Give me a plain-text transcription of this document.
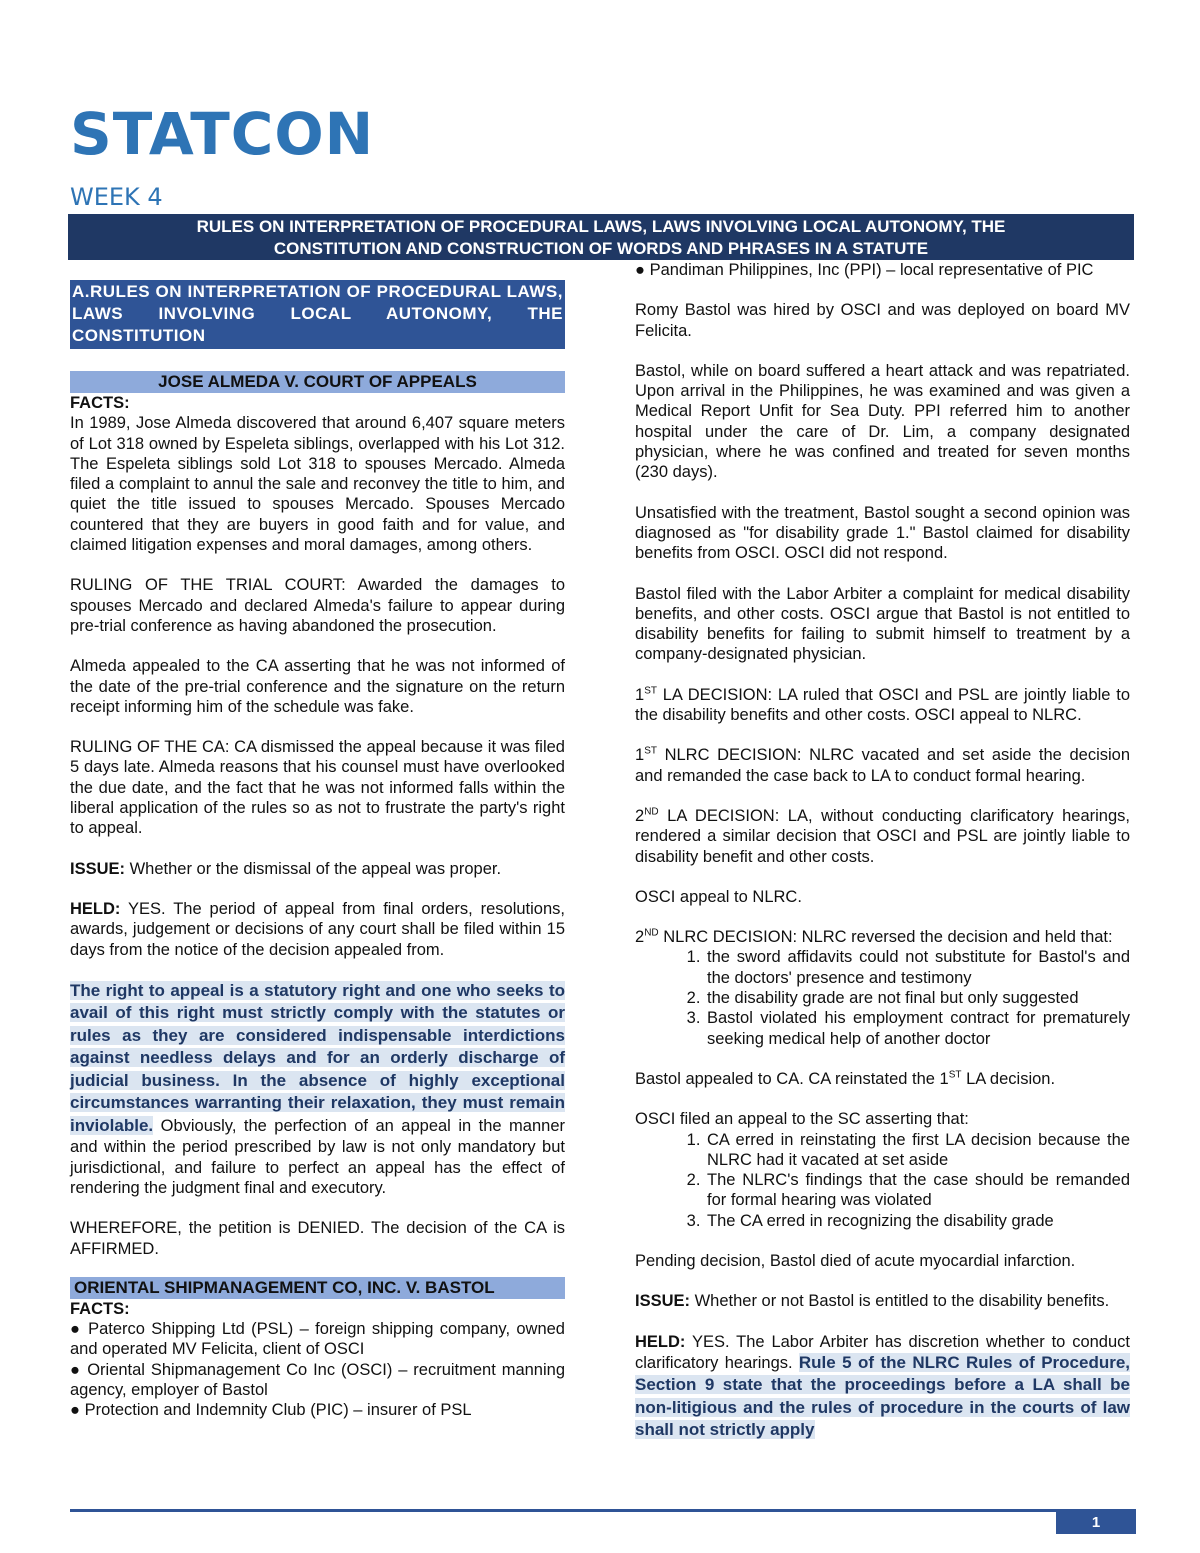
STATCON
WEEK 4
RULES ON INTERPRETATION OF PROCEDURAL LAWS, LAWS INVOLVING LOCAL AUTONOMY, THE
CONSTITUTION AND CONSTRUCTION OF WORDS AND PHRASES IN A STATUTE
A.RULES ON INTERPRETATION OF PROCEDURAL LAWS, LAWS INVOLVING LOCAL AUTONOMY, THE CONSTITUTION
JOSE ALMEDA V. COURT OF APPEALS
FACTS:

In 1989, Jose Almeda discovered that around 6,407 square meters of Lot 318 owned by Espeleta siblings, overlapped with his Lot 312. The Espeleta siblings sold Lot 318 to spouses Mercado. Almeda filed a complaint to annul the sale and reconvey the title to him, and quiet the title issued to spouses Mercado. Spouses Mercado countered that they are buyers in good faith and for value, and claimed litigation expenses and moral damages, among others.

RULING OF THE TRIAL COURT: Awarded the damages to spouses Mercado and declared Almeda's failure to appear during pre-trial conference as having abandoned the prosecution.

Almeda appealed to the CA asserting that he was not informed of the date of the pre-trial conference and the signature on the return receipt informing him of the schedule was fake.

RULING OF THE CA: CA dismissed the appeal because it was filed 5 days late. Almeda reasons that his counsel must have overlooked the due date, and the fact that he was not informed falls within the liberal application of the rules so as not to frustrate the party's right to appeal.

ISSUE: Whether or the dismissal of the appeal was proper.

HELD: YES. The period of appeal from final orders, resolutions, awards, judgement or decisions of any court shall be filed within 15 days from the notice of the decision appealed from.

The right to appeal is a statutory right and one who seeks to avail of this right must strictly comply with the statutes or rules as they are considered indispensable interdictions against needless delays and for an orderly discharge of judicial business. In the absence of highly exceptional circumstances warranting their relaxation, they must remain inviolable. Obviously, the perfection of an appeal in the manner and within the period prescribed by law is not only mandatory but jurisdictional, and failure to perfect an appeal has the effect of rendering the judgment final and executory.

WHEREFORE, the petition is DENIED. The decision of the CA is AFFIRMED.

ORIENTAL SHIPMANAGEMENT CO, INC. V. BASTOL
FACTS:

● Paterco Shipping Ltd (PSL) – foreign shipping company, owned and operated MV Felicita, client of OSCI

● Oriental Shipmanagement Co Inc (OSCI) – recruitment manning agency, employer of Bastol

● Protection and Indemnity Club (PIC) – insurer of PSL

● Pandiman Philippines, Inc (PPI) – local representative of PIC

Romy Bastol was hired by OSCI and was deployed on board MV Felicita.

Bastol, while on board suffered a heart attack and was repatriated. Upon arrival in the Philippines, he was examined and was given a Medical Report Unfit for Sea Duty. PPI referred him to another hospital under the care of Dr. Lim, a company designated physician, where he was confined and treated for seven months (230 days).

Unsatisfied with the treatment, Bastol sought a second opinion was diagnosed as "for disability grade 1." Bastol claimed for disability benefits from OSCI. OSCI did not respond.

Bastol filed with the Labor Arbiter a complaint for medical disability benefits, and other costs. OSCI argue that Bastol is not entitled to disability benefits for failing to submit himself to treatment by a company-designated physician.

1ST LA DECISION: LA ruled that OSCI and PSL are jointly liable to the disability benefits and other costs. OSCI appeal to NLRC.

1ST NLRC DECISION: NLRC vacated and set aside the decision and remanded the case back to LA to conduct formal hearing.

2ND LA DECISION: LA, without conducting clarificatory hearings, rendered a similar decision that OSCI and PSL are jointly liable to disability benefit and other costs.

OSCI appeal to NLRC.

2ND NLRC DECISION: NLRC reversed the decision and held that:

1. the sword affidavits could not substitute for Bastol's and the doctors' presence and testimony
2. the disability grade are not final but only suggested
3. Bastol violated his employment contract for prematurely seeking medical help of another doctor

Bastol appealed to CA. CA reinstated the 1ST LA decision.

OSCI filed an appeal to the SC asserting that:

1. CA erred in reinstating the first LA decision because the NLRC had it vacated at set aside
2. The NLRC's findings that the case should be remanded for formal hearing was violated
3. The CA erred in recognizing the disability grade

Pending decision, Bastol died of acute myocardial infarction.

ISSUE: Whether or not Bastol is entitled to the disability benefits.

HELD: YES. The Labor Arbiter has discretion whether to conduct clarificatory hearings. Rule 5 of the NLRC Rules of Procedure, Section 9 state that the proceedings before a LA shall be non-litigious and the rules of procedure in the courts of law shall not strictly apply

1
